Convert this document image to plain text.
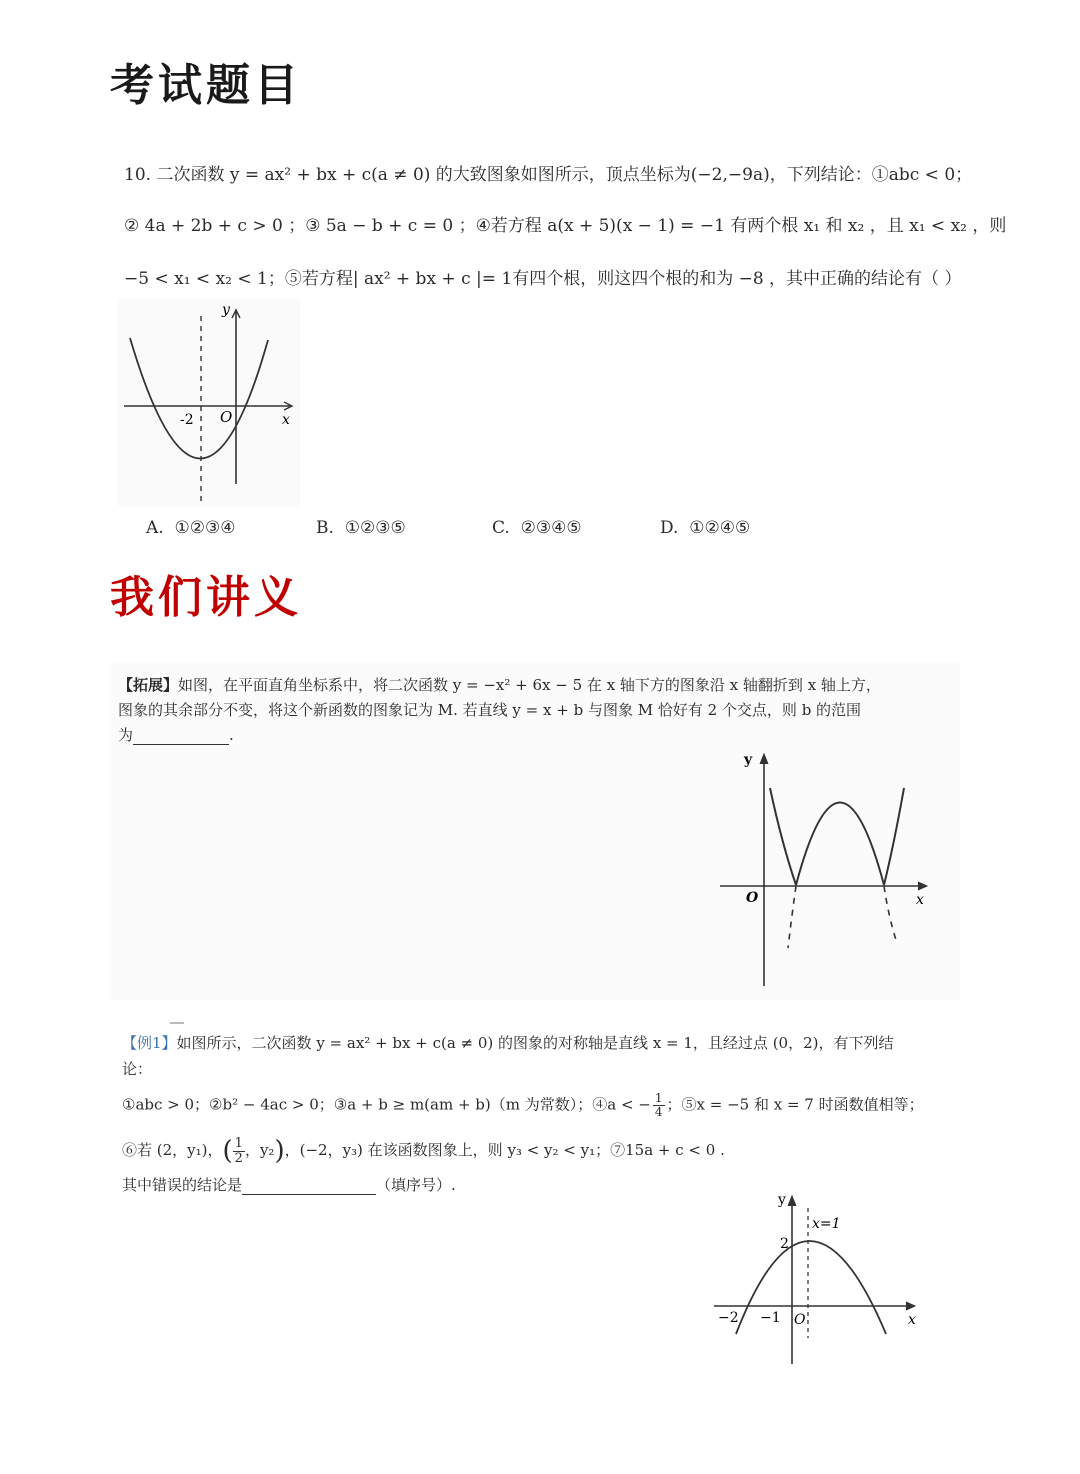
考试题目
10. 二次函数 y = ax² + bx + c(a ≠ 0) 的大致图象如图所示，顶点坐标为(−2,−9a)，下列结论：①abc < 0；
② 4a + 2b + c > 0 ；③ 5a − b + c = 0 ；④若方程 a(x + 5)(x − 1) = −1 有两个根 x₁ 和 x₂ ，且 x₁ < x₂ ，则
−5 < x₁ < x₂ < 1；⑤若方程| ax² + bx + c |= 1有四个根，则这四个根的和为 −8 ，其中正确的结论有（ ）
y
x
O
-2
A. ①②③④	B. ①②③⑤	C. ②③④⑤	D. ①②④⑤
我们讲义
【拓展】如图，在平面直角坐标系中，将二次函数 y = −x² + 6x − 5 在 x 轴下方的图象沿 x 轴翻折到 x 轴上方，
图象的其余部分不变，将这个新函数的图象记为 M. 若直线 y = x + b 与图象 M 恰好有 2 个交点，则 b 的范围
为	.
y
x
O
【例1】如图所示，二次函数 y = ax² + bx + c(a ≠ 0) 的图象的对称轴是直线 x = 1，且经过点 (0，2)，有下列结
论：
①abc > 0；②b² − 4ac > 0；③a + b ≥ m(am + b)（m 为常数）；④a < − $\frac{1}{4}$ ；⑤x = −5 和 x = 7 时函数值相等；
⑥若 (2，y₁)，( $\frac{1}{2}$ ，y₂)，(−2，y₃) 在该函数图象上，则 y₃ < y₂ < y₁；⑦15a + c < 0 .
其中错误的结论是	（填序号）.
y
x
O
x=1
2
−2 −1
